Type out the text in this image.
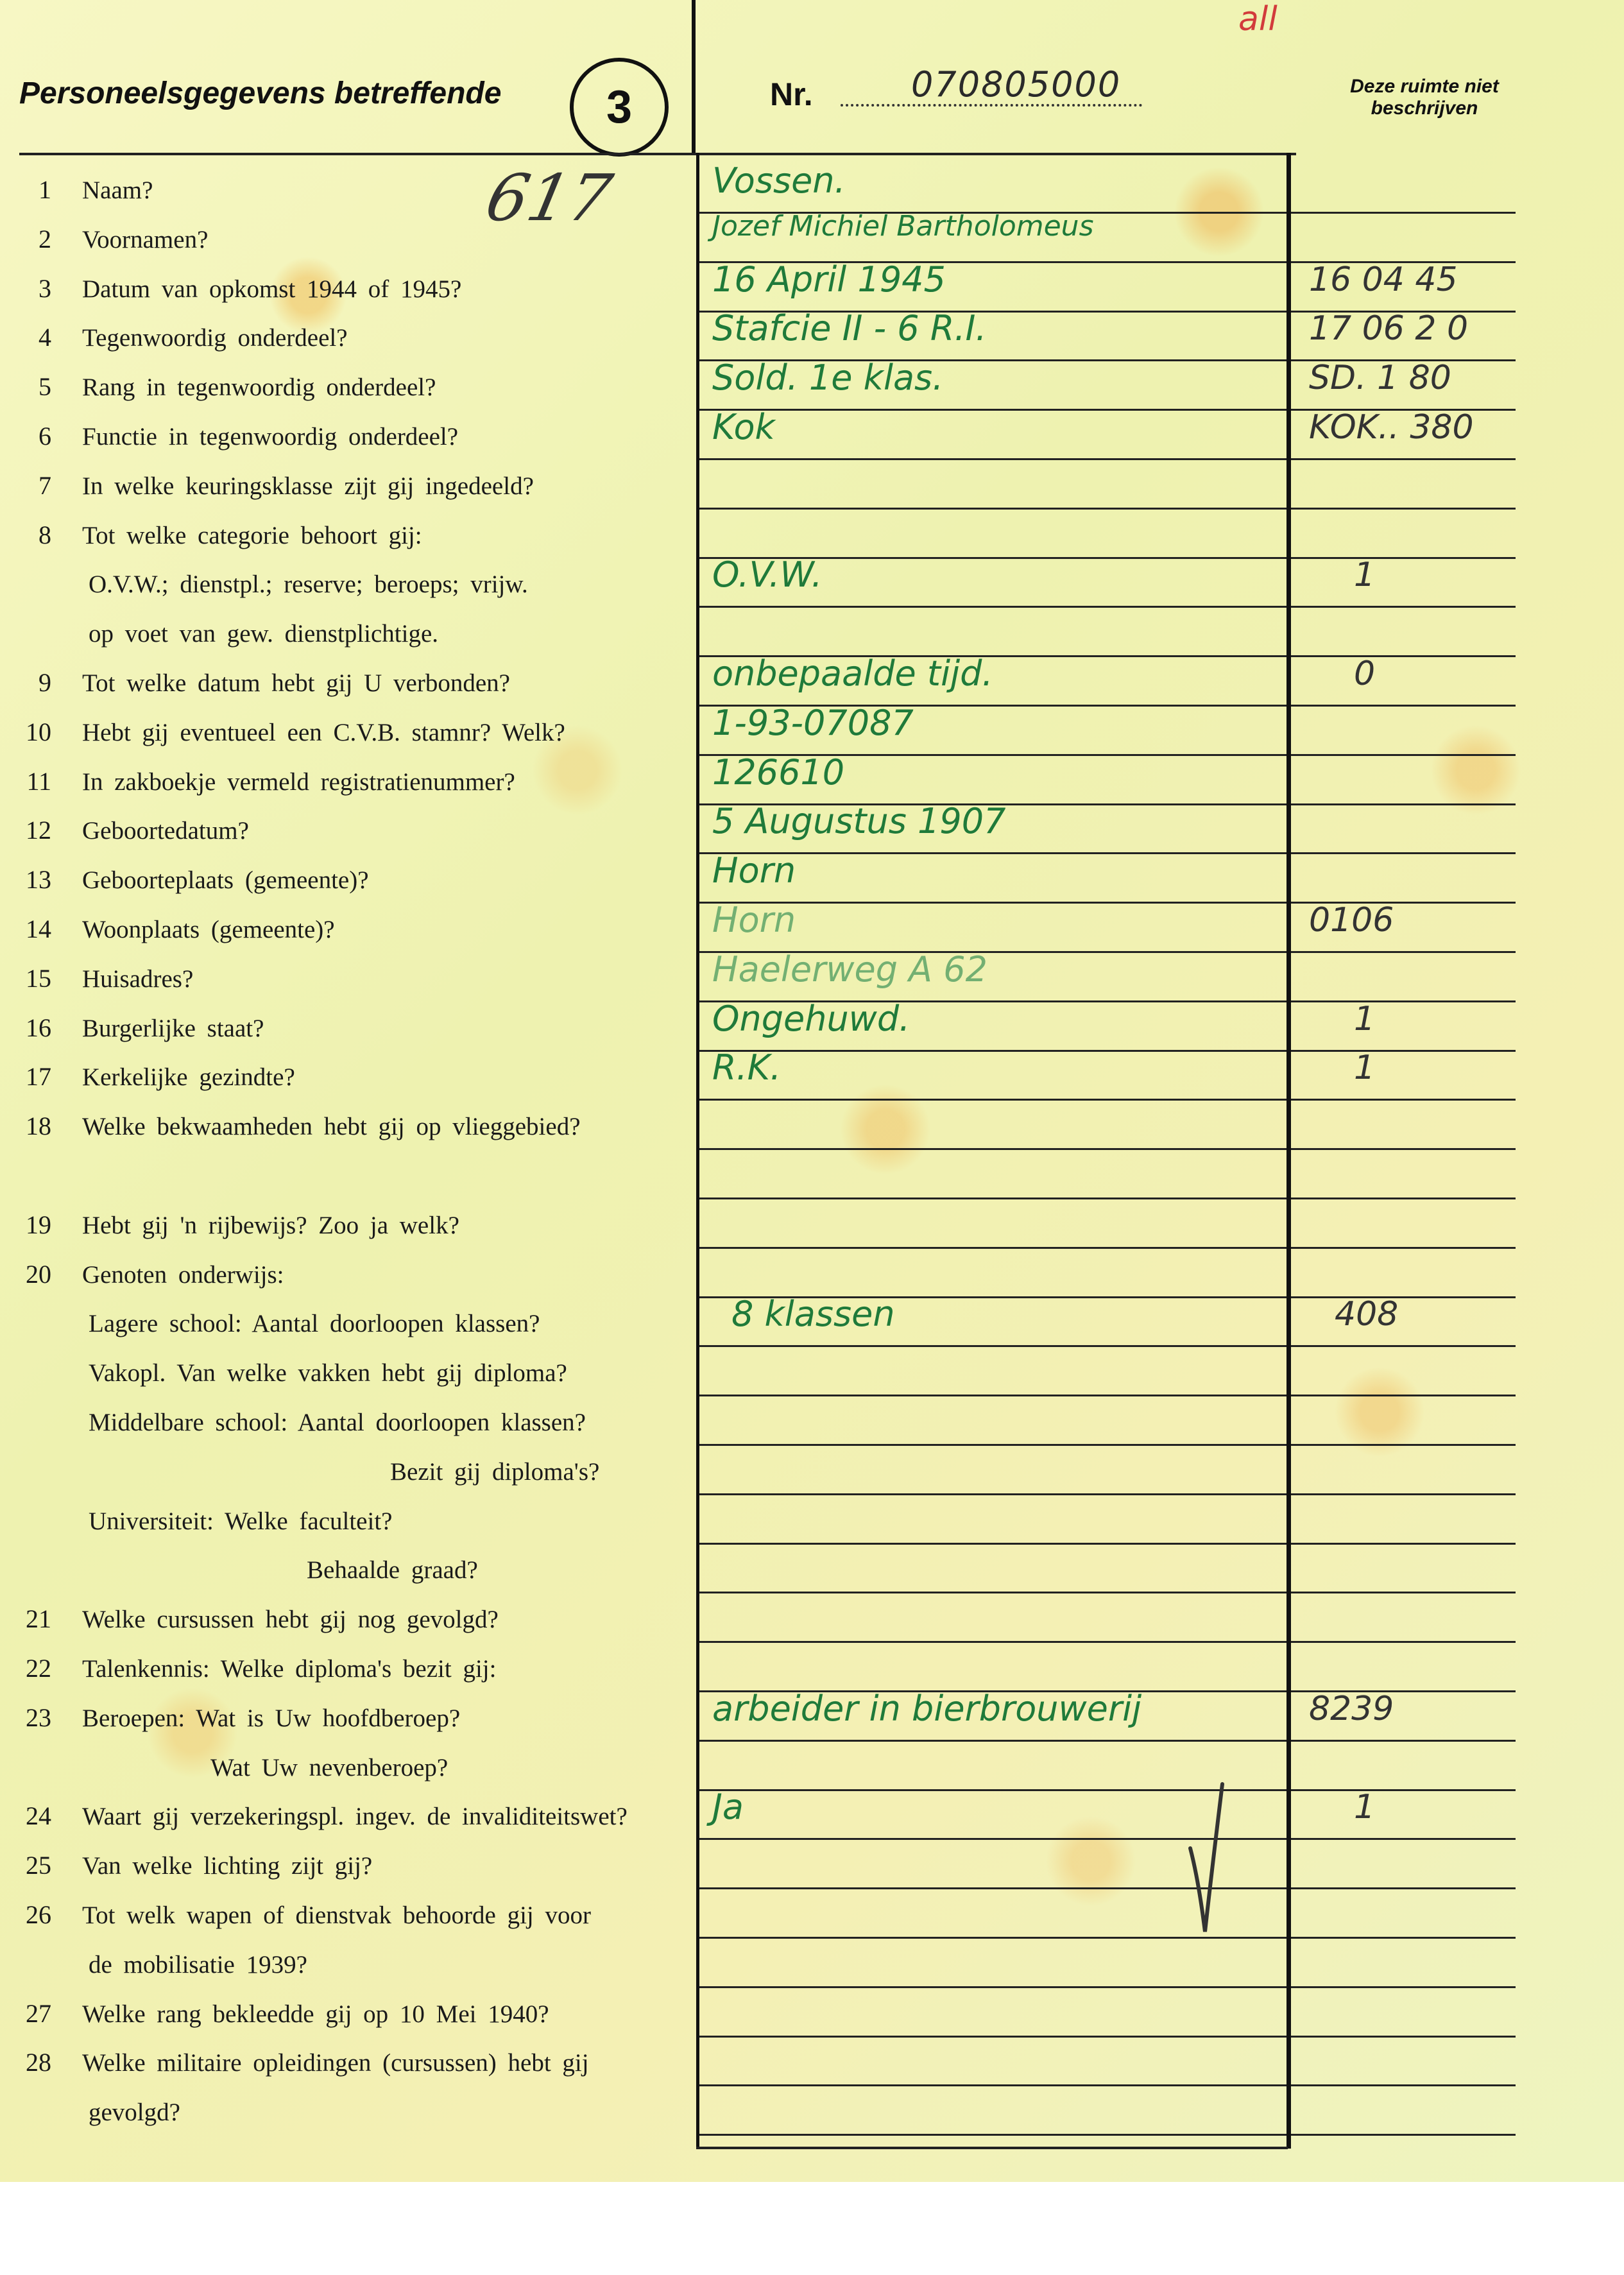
all
Personeelsgegevens betreffende	3	Nr.	070805000	Deze ruimte niet beschrijven
617
1 Naam?	Vossen.
2 Voornamen?	Jozef Michiel Bartholomeus
3 Datum van opkomst 1944 of 1945?	16 April 1945	16 04 45
4 Tegenwoordig onderdeel?	Stafcie II - 6 R.I.	17 06 2 0
5 Rang in tegenwoordig onderdeel?	Sold. 1e klas.	SD. 1 80
6 Functie in tegenwoordig onderdeel?	Kok	KOK.. 380
7 In welke keuringsklasse zijt gij ingedeeld?
8 Tot welke categorie behoort gij:
O.V.W.; dienstpl.; reserve; beroeps; vrijw.
op voet van gew. dienstplichtige.
O.V.W.	1
9 Tot welke datum hebt gij U verbonden?	onbepaalde tijd.	0
10 Hebt gij eventueel een C.V.B. stamnr? Welk?	1-93-07087
11 In zakboekje vermeld registratienummer?	126610
12 Geboortedatum?	5 Augustus 1907
13 Geboorteplaats (gemeente)?	Horn
14 Woonplaats (gemeente)?	Horn	0106
15 Huisadres?	Haelerweg A 62
16 Burgerlijke staat?	Ongehuwd.	1
17 Kerkelijke gezindte?	R.K.	1
18 Welke bekwaamheden hebt gij op vlieggebied?
19 Hebt gij 'n rijbewijs? Zoo ja welk?
20 Genoten onderwijs:
Lagere school: Aantal doorloopen klassen?
Vakopl. Van welke vakken hebt gij diploma?
Middelbare school: Aantal doorloopen klassen?
Bezit gij diploma's?
Universiteit: Welke faculteit?
Behaalde graad?
8 klassen	408
21 Welke cursussen hebt gij nog gevolgd?
22 Talenkennis: Welke diploma's bezit gij:
23 Beroepen: Wat is Uw hoofdberoep?
Wat Uw nevenberoep?
arbeider in bierbrouwerij	8239
24 Waart gij verzekeringspl. ingev. de invaliditeitswet? Ja	1
25 Van welke lichting zijt gij?
26 Tot welk wapen of dienstvak behoorde gij voor
de mobilisatie 1939?
27 Welke rang bekleedde gij op 10 Mei 1940?
28 Welke militaire opleidingen (cursussen) hebt gij
gevolgd?
